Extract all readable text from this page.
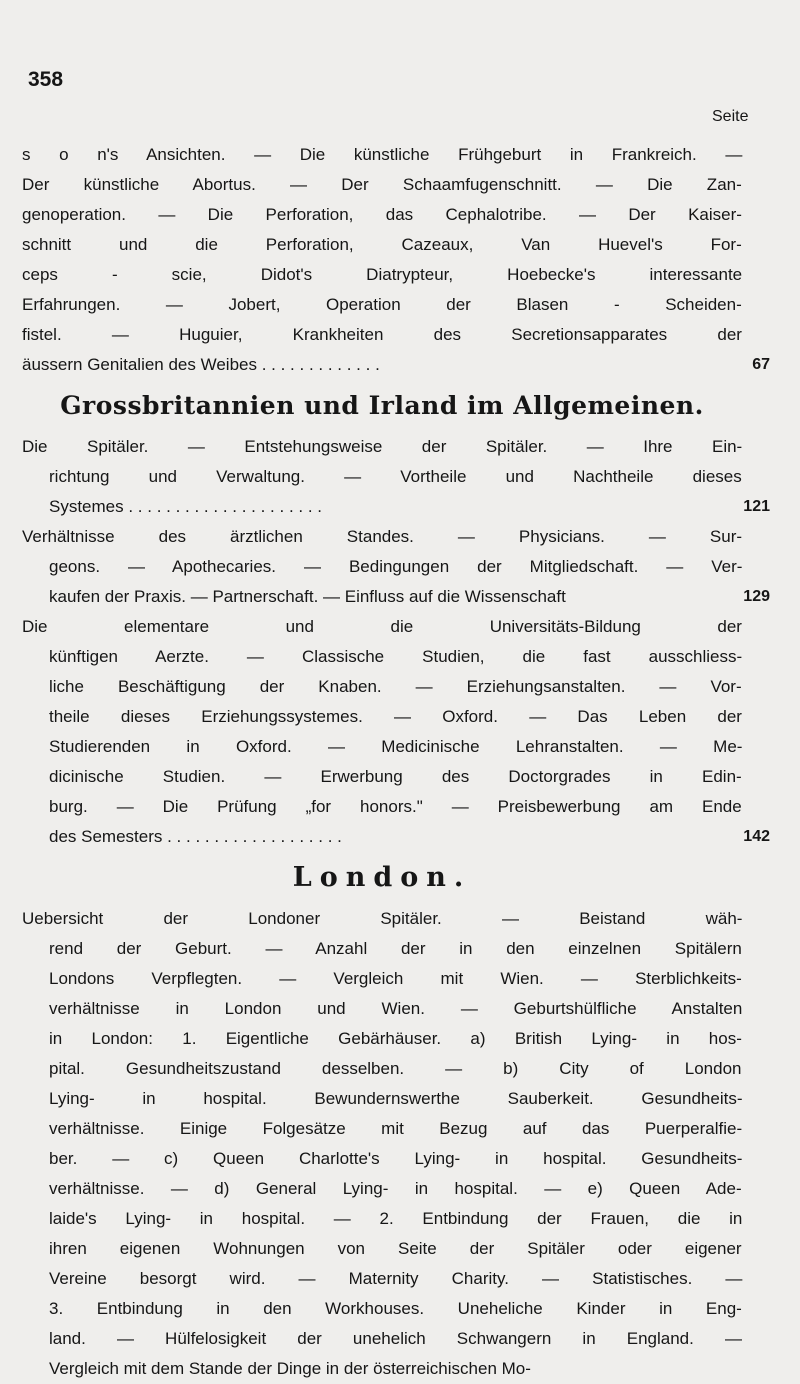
358
Seite
s o n's Ansichten. — Die künstliche Frühgeburt in Frankreich. —
Der künstliche Abortus. — Der Schaamfugenschnitt. — Die Zan-
genoperation. — Die Perforation, das Cephalotribe. — Der Kaiser-
schnitt und die Perforation, Cazeaux, Van Huevel's For-
ceps - scie, Didot's Diatrypteur, Hoebecke's interessante
Erfahrungen. — Jobert, Operation der Blasen - Scheiden-
fistel. — Huguier, Krankheiten des Secretionsapparates der
äussern Genitalien des Weibes . . . . . . . . . . . . .	67
Grossbritannien und Irland im Allgemeinen.
Die Spitäler. — Entstehungsweise der Spitäler. — Ihre Ein-
richtung und Verwaltung. — Vortheile und Nachtheile dieses
Systemes . . . . . . . . . . . . . . . . . . . . .	121
Verhältnisse des ärztlichen Standes. — Physicians. — Sur-
geons. — Apothecaries. — Bedingungen der Mitgliedschaft. — Ver-
kaufen der Praxis. — Partnerschaft. — Einfluss auf die Wissenschaft	129
Die elementare und die Universitäts-Bildung der
künftigen Aerzte. — Classische Studien, die fast ausschliess-
liche Beschäftigung der Knaben. — Erziehungsanstalten. — Vor-
theile dieses Erziehungssystemes. — Oxford. — Das Leben der
Studierenden in Oxford. — Medicinische Lehranstalten. — Me-
dicinische Studien. — Erwerbung des Doctorgrades in Edin-
burg. — Die Prüfung „for honors." — Preisbewerbung am Ende
des Semesters . . . . . . . . . . . . . . . . . . .	142
London.
Uebersicht der Londoner Spitäler. — Beistand wäh-
rend der Geburt. — Anzahl der in den einzelnen Spitälern
Londons Verpflegten. — Vergleich mit Wien. — Sterblichkeits-
verhältnisse in London und Wien. — Geburtshülfliche Anstalten
in London: 1. Eigentliche Gebärhäuser. a) British Lying- in hos-
pital. Gesundheitszustand desselben. — b) City of London
Lying- in hospital. Bewundernswerthe Sauberkeit. Gesundheits-
verhältnisse. Einige Folgesätze mit Bezug auf das Puerperalfie-
ber. — c) Queen Charlotte's Lying- in hospital. Gesundheits-
verhältnisse. — d) General Lying- in hospital. — e) Queen Ade-
laide's Lying- in hospital. — 2. Entbindung der Frauen, die in
ihren eigenen Wohnungen von Seite der Spitäler oder eigener
Vereine besorgt wird. — Maternity Charity. — Statistisches. —
3. Entbindung in den Workhouses. Uneheliche Kinder in Eng-
land. — Hülfelosigkeit der unehelich Schwangern in England. —
Vergleich mit dem Stande der Dinge in der österreichischen Mo-
